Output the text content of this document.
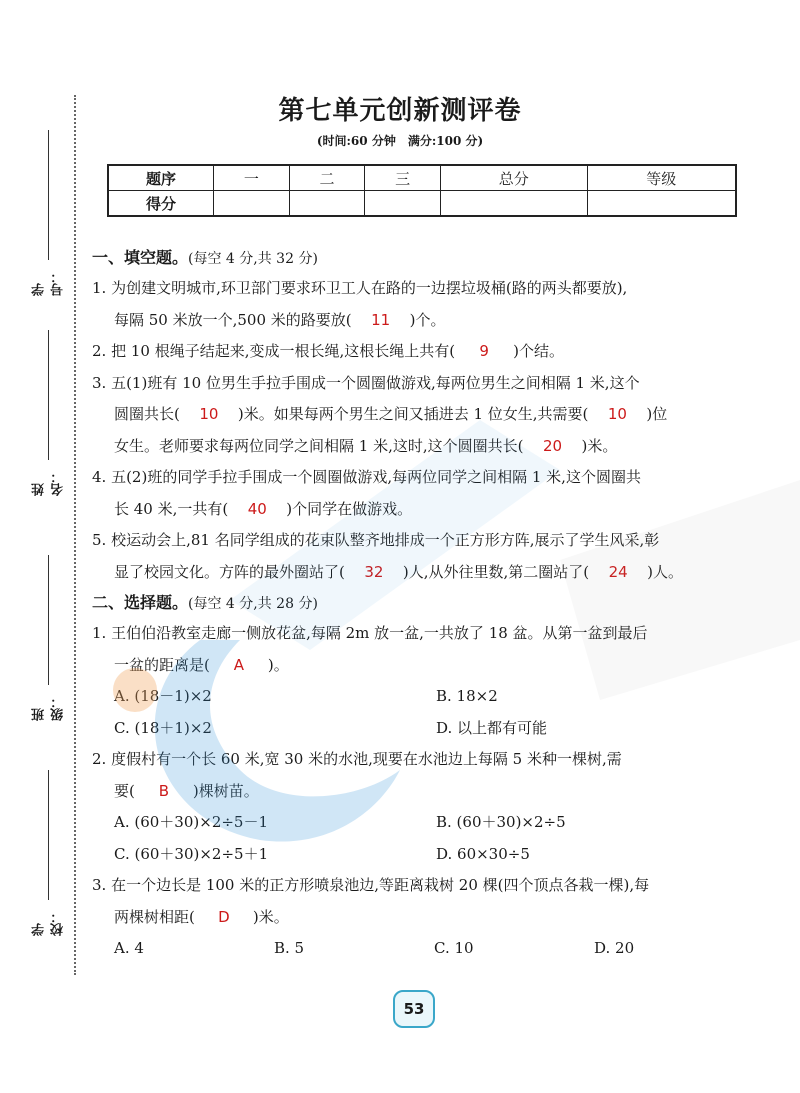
学号：
姓名：
班级：
学校：
第七单元创新测评卷
(时间:60 分钟　满分:100 分)
题序	一	二	三	总分	等级
得分					
一、填空题。(每空 4 分,共 32 分)
1. 为创建文明城市,环卫部门要求环卫工人在路的一边摆垃圾桶(路的两头都要放),
每隔 50 米放一个,500 米的路要放( 11 )个。
2. 把 10 根绳子结起来,变成一根长绳,这根长绳上共有( 9 )个结。
3. 五(1)班有 10 位男生手拉手围成一个圆圈做游戏,每两位男生之间相隔 1 米,这个
圆圈共长( 10 )米。如果每两个男生之间又插进去 1 位女生,共需要( 10 )位
女生。老师要求每两位同学之间相隔 1 米,这时,这个圆圈共长( 20 )米。
4. 五(2)班的同学手拉手围成一个圆圈做游戏,每两位同学之间相隔 1 米,这个圆圈共
长 40 米,一共有( 40 )个同学在做游戏。
5. 校运动会上,81 名同学组成的花束队整齐地排成一个正方形方阵,展示了学生风采,彰
显了校园文化。方阵的最外圈站了( 32 )人,从外往里数,第二圈站了( 24 )人。
二、选择题。(每空 4 分,共 28 分)
1. 王伯伯沿教室走廊一侧放花盆,每隔 2m 放一盆,一共放了 18 盆。从第一盆到最后
一盆的距离是( A )。
A. (18－1)×2	B. 18×2
C. (18＋1)×2	D. 以上都有可能
2. 度假村有一个长 60 米,宽 30 米的水池,现要在水池边上每隔 5 米种一棵树,需
要( B )棵树苗。
A. (60＋30)×2÷5－1	B. (60＋30)×2÷5
C. (60＋30)×2÷5＋1	D. 60×30÷5
3. 在一个边长是 100 米的正方形喷泉池边,等距离栽树 20 棵(四个顶点各栽一棵),每
两棵树相距( D )米。
A. 4	B. 5	C. 10	D. 20
53
